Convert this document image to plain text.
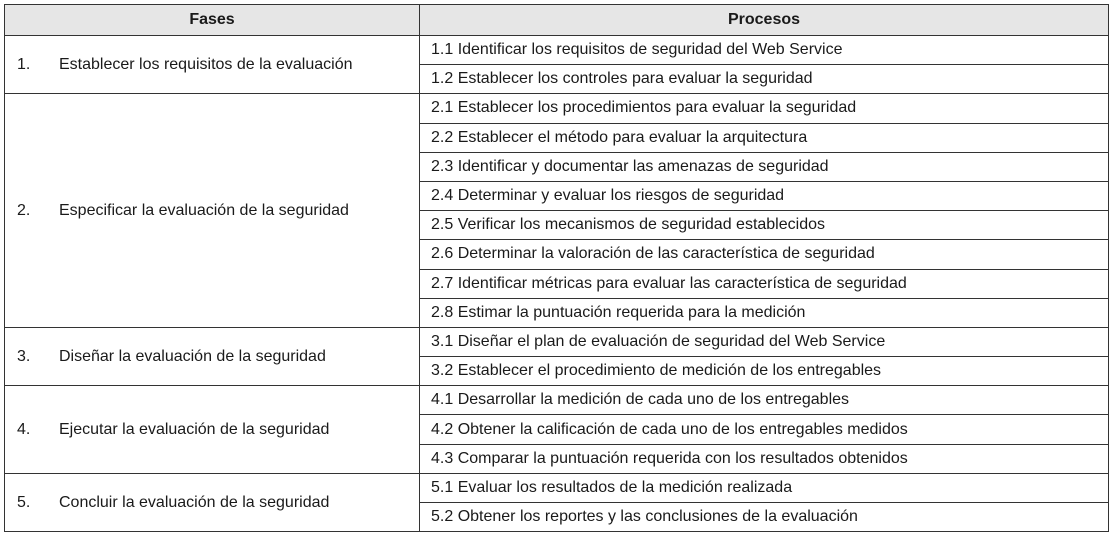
Fases	Procesos
1. Establecer los requisitos de la evaluación	1.1 Identificar los requisitos de seguridad del Web Service
	1.2 Establecer los controles para evaluar la seguridad
2. Especificar la evaluación de la seguridad	2.1 Establecer los procedimientos para evaluar la seguridad
	2.2 Establecer el método para evaluar la arquitectura
	2.3 Identificar y documentar las amenazas de seguridad
	2.4 Determinar y evaluar los riesgos de seguridad
	2.5 Verificar los mecanismos de seguridad establecidos
	2.6 Determinar la valoración de las característica de seguridad
	2.7 Identificar métricas para evaluar las característica de seguridad
	2.8 Estimar la puntuación requerida para la medición
3. Diseñar la evaluación de la seguridad	3.1 Diseñar el plan de evaluación de seguridad del Web Service
	3.2 Establecer el procedimiento de medición de los entregables
4. Ejecutar la evaluación de la seguridad	4.1 Desarrollar la medición de cada uno de los entregables
	4.2 Obtener la calificación de cada uno de los entregables medidos
	4.3 Comparar la puntuación requerida con los resultados obtenidos
5. Concluir la evaluación de la seguridad	5.1 Evaluar los resultados de la medición realizada
	5.2 Obtener los reportes y las conclusiones de la evaluación
